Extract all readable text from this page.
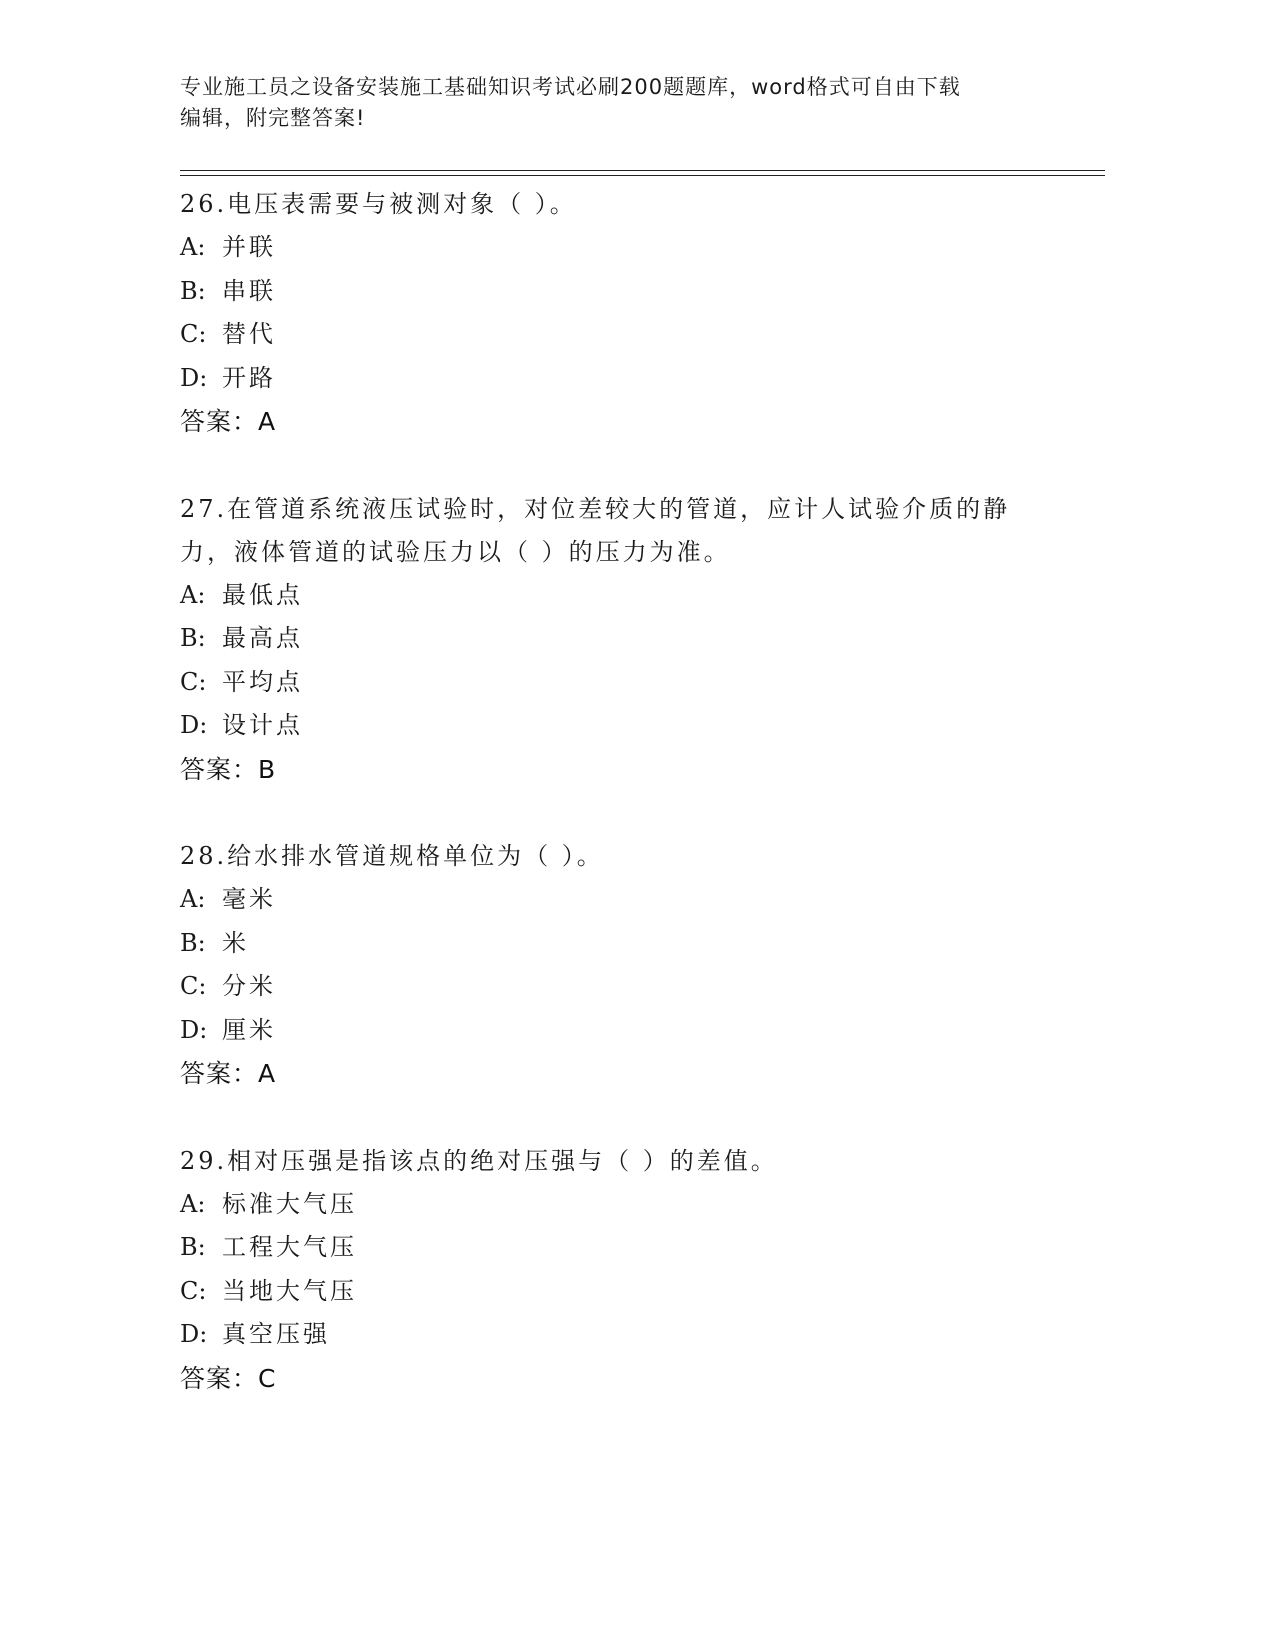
专业施工员之设备安装施工基础知识考试必刷200题题库，word格式可自由下载
编辑，附完整答案!
26.电压表需要与被测对象（ ）。
A: 并联
B: 串联
C: 替代
D: 开路
答案：A
27.在管道系统液压试验时，对位差较大的管道，应计人试验介质的静力，液体管道的试验压力以（ ）的压力为准。
A: 最低点
B: 最高点
C: 平均点
D: 设计点
答案：B
28.给水排水管道规格单位为（ ）。
A: 毫米
B: 米
C: 分米
D: 厘米
答案：A
29.相对压强是指该点的绝对压强与（ ）的差值。
A: 标准大气压
B: 工程大气压
C: 当地大气压
D: 真空压强
答案：C
